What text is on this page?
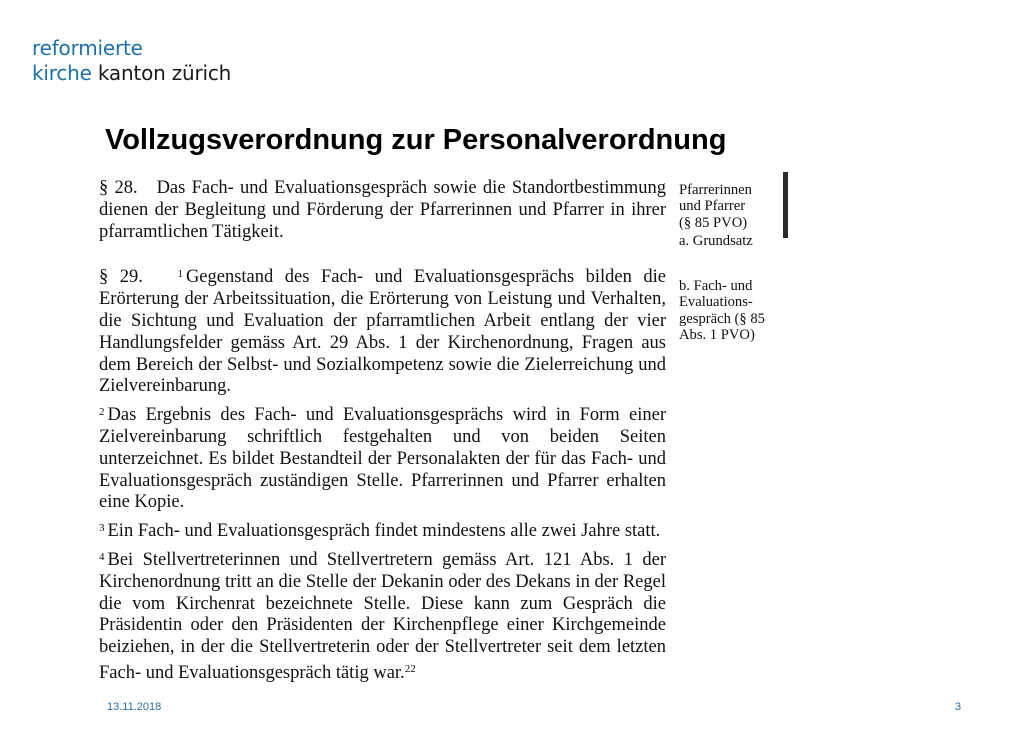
reformierte
kirche kanton zürich
Vollzugsverordnung zur Personalverordnung

§ 28.   Das Fach- und Evaluationsgespräch sowie die Standortbestimmung dienen der Begleitung und Förderung der Pfarrerinnen und Pfarrer in ihrer pfarramtlichen Tätigkeit.

§ 29.   $^1$ Gegenstand des Fach- und Evaluationsgesprächs bilden die Erörterung der Arbeitssituation, die Erörterung von Leistung und Verhalten, die Sichtung und Evaluation der pfarramtlichen Arbeit entlang der vier Handlungsfelder gemäss Art. 29 Abs. 1 der Kirchenordnung, Fragen aus dem Bereich der Selbst- und Sozialkompetenz sowie die Zielerreichung und Zielvereinbarung.

$^2$ Das Ergebnis des Fach- und Evaluationsgesprächs wird in Form einer Zielvereinbarung schriftlich festgehalten und von beiden Seiten unterzeichnet. Es bildet Bestandteil der Personalakten der für das Fach- und Evaluationsgespräch zuständigen Stelle. Pfarrerinnen und Pfarrer erhalten eine Kopie.

$^3$ Ein Fach- und Evaluationsgespräch findet mindestens alle zwei Jahre statt.

$^4$ Bei Stellvertreterinnen und Stellvertretern gemäss Art. 121 Abs. 1 der Kirchenordnung tritt an die Stelle der Dekanin oder des Dekans in der Regel die vom Kirchenrat bezeichnete Stelle. Diese kann zum Gespräch die Präsidentin oder den Präsidenten der Kirchenpflege einer Kirchgemeinde beiziehen, in der die Stellvertreterin oder der Stellvertreter seit dem letzten Fach- und Evaluationsgespräch tätig war.$^{22}$

Pfarrerinnen

und Pfarrer

(§ 85 PVO)

a. Grundsatz

b. Fach- und

Evaluations-

gespräch (§ 85

Abs. 1 PVO)

13.11.2018	3
